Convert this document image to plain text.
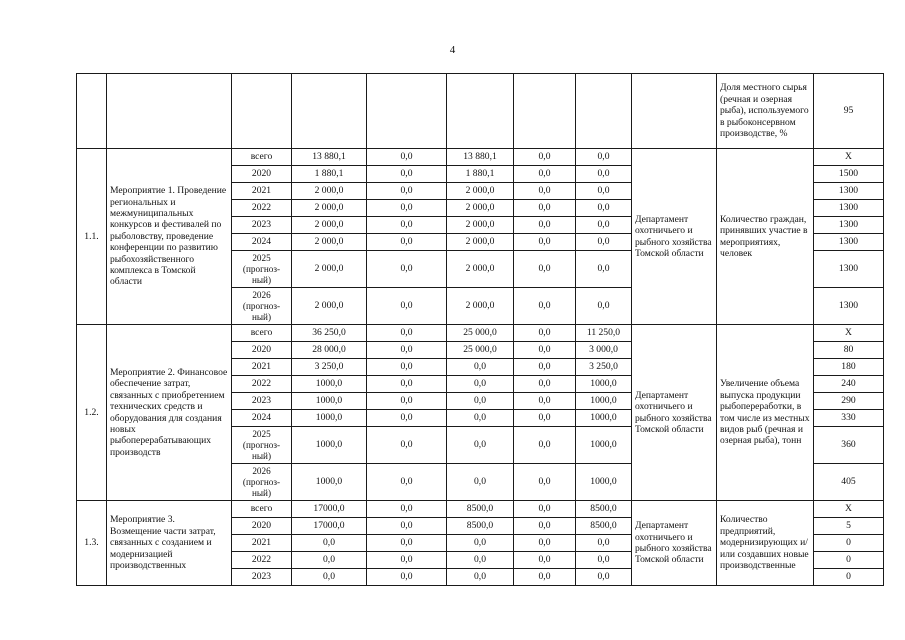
4
									Доля местного сырья (речная и озерная рыба), используемого в рыбоконсервном производстве, %	95
1.1.	Мероприятие 1. Проведение региональных и межмуниципальных конкурсов и фестивалей по рыболовству, проведение конференции по развитию рыбохозяйственного комплекса в Томской области	всего	13 880,1	0,0	13 880,1	0,0	0,0	Департамент охотничьего и рыбного хозяйства Томской области	Количество граждан, принявших участие в мероприятиях, человек	Х
		2020	1 880,1	0,0	1 880,1	0,0	0,0			1500
		2021	2 000,0	0,0	2 000,0	0,0	0,0			1300
		2022	2 000,0	0,0	2 000,0	0,0	0,0			1300
		2023	2 000,0	0,0	2 000,0	0,0	0,0			1300
		2024	2 000,0	0,0	2 000,0	0,0	0,0			1300
		2025 (прогноз-ный)	2 000,0	0,0	2 000,0	0,0	0,0			1300
		2026 (прогноз-ный)	2 000,0	0,0	2 000,0	0,0	0,0			1300
1.2.	Мероприятие 2. Финансовое обеспечение затрат, связанных с приобретением технических средств и оборудования для создания новых рыбоперерабатывающих производств	всего	36 250,0	0,0	25 000,0	0,0	11 250,0	Департамент охотничьего и рыбного хозяйства Томской области	Увеличение объема выпуска продукции рыбопереработки, в том числе из местных видов рыб (речная и озерная рыба), тонн	Х
		2020	28 000,0	0,0	25 000,0	0,0	3 000,0			80
		2021	3 250,0	0,0	0,0	0,0	3 250,0			180
		2022	1000,0	0,0	0,0	0,0	1000,0			240
		2023	1000,0	0,0	0,0	0,0	1000,0			290
		2024	1000,0	0,0	0,0	0,0	1000,0			330
		2025 (прогноз-ный)	1000,0	0,0	0,0	0,0	1000,0			360
		2026 (прогноз-ный)	1000,0	0,0	0,0	0,0	1000,0			405
1.3.	Мероприятие 3. Возмещение части затрат, связанных с созданием и модернизацией производственных	всего	17000,0	0,0	8500,0	0,0	8500,0	Департамент охотничьего и рыбного хозяйства Томской области	Количество предприятий, модернизирующих и/или создавших новые производственные	Х
		2020	17000,0	0,0	8500,0	0,0	8500,0			5
		2021	0,0	0,0	0,0	0,0	0,0			0
		2022	0,0	0,0	0,0	0,0	0,0			0
		2023	0,0	0,0	0,0	0,0	0,0			0
